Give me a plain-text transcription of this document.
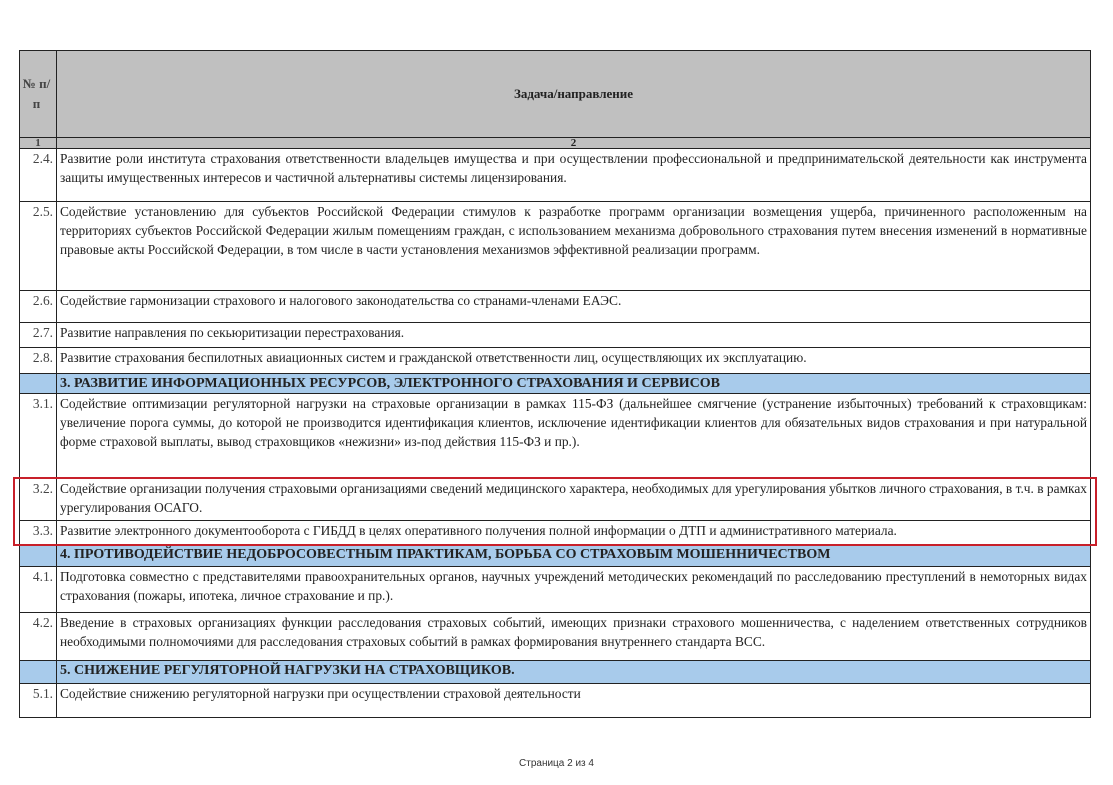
№ п/п	Задача/направление
1	2
2.4.	Развитие роли института страхования ответственности владельцев имущества и при осуществлении профессиональной и предпринимательской деятельности как инструмента защиты имущественных интересов и частичной альтернативы системы лицензирования.
2.5.	Содействие установлению для субъектов Российской Федерации стимулов к разработке программ организации возмещения ущерба, причиненного расположенным на территориях субъектов Российской Федерации жилым помещениям граждан, с использованием механизма добровольного страхования путем внесения изменений в нормативные правовые акты Российской Федерации, в том числе в части установления механизмов эффективной реализации программ.
2.6.	Содействие гармонизации страхового и налогового законодательства со странами-членами ЕАЭС.
2.7.	Развитие направления по секьюритизации перестрахования.
2.8.	Развитие страхования беспилотных авиационных систем и гражданской ответственности лиц, осуществляющих их эксплуатацию.
	3. РАЗВИТИЕ ИНФОРМАЦИОННЫХ РЕСУРСОВ, ЭЛЕКТРОННОГО СТРАХОВАНИЯ И СЕРВИСОВ
3.1.	Содействие оптимизации регуляторной нагрузки на страховые организации в рамках 115-ФЗ (дальнейшее смягчение (устранение избыточных) требований к страховщикам: увеличение порога суммы, до которой не производится идентификация клиентов, исключение идентификации клиентов для обязательных видов страхования и при натуральной форме страховой выплаты, вывод страховщиков «нежизни» из-под действия 115-ФЗ и пр.).
3.2.	Содействие организации получения страховыми организациями сведений медицинского характера, необходимых для урегулирования убытков личного страхования, в т.ч. в рамках урегулирования ОСАГО.
3.3.	Развитие электронного документооборота с ГИБДД в целях оперативного получения полной информации о ДТП и административного материала.
	4. ПРОТИВОДЕЙСТВИЕ НЕДОБРОСОВЕСТНЫМ ПРАКТИКАМ, БОРЬБА СО СТРАХОВЫМ МОШЕННИЧЕСТВОМ
4.1.	Подготовка совместно с представителями правоохранительных органов, научных учреждений методических рекомендаций по расследованию преступлений в немоторных видах страхования (пожары, ипотека, личное страхование и пр.).
4.2.	Введение в страховых организациях функции расследования страховых событий, имеющих признаки страхового мошенничества, с наделением ответственных сотрудников необходимыми полномочиями для расследования страховых событий в рамках формирования внутреннего стандарта ВСС.
	5. СНИЖЕНИЕ РЕГУЛЯТОРНОЙ НАГРУЗКИ НА СТРАХОВЩИКОВ.
5.1.	Содействие снижению регуляторной нагрузки при осуществлении страховой деятельности
Страница 2 из 4
